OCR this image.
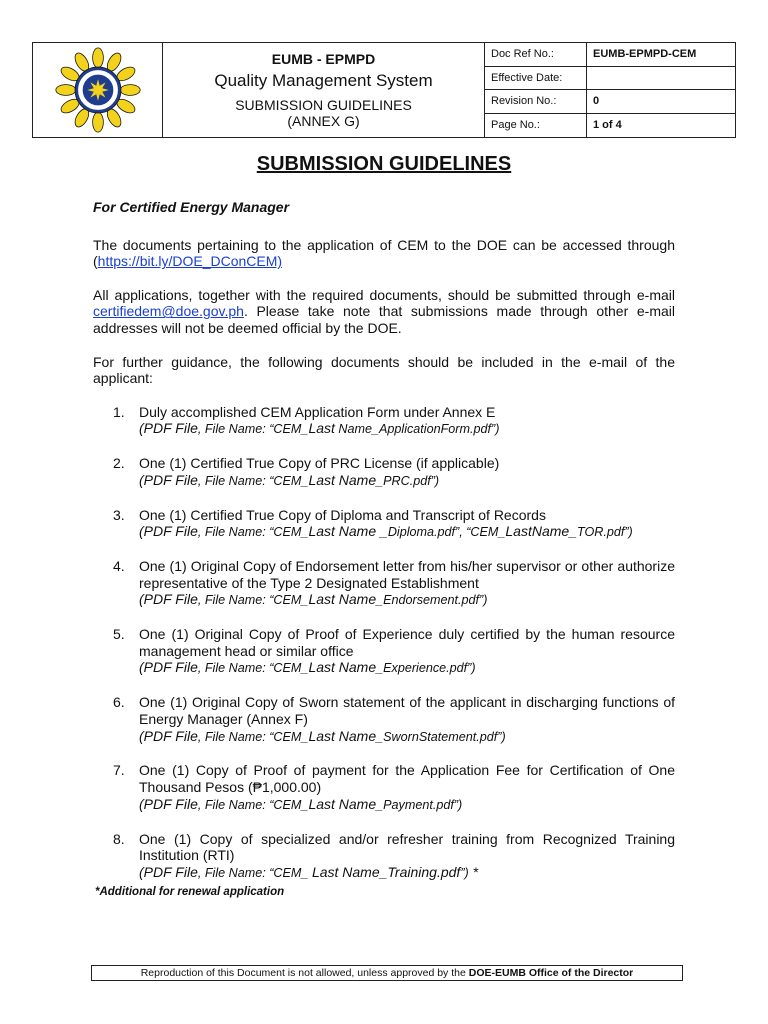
EUMB - EPMPD
Quality Management System
SUBMISSION GUIDELINES
(ANNEX G)
Doc Ref No.:	EUMB-EPMPD-CEM
Effective Date:
Revision No.:	0
Page No.:	1 of 4
SUBMISSION GUIDELINES

For Certified Energy Manager

The documents pertaining to the application of CEM to the DOE can be accessed through (https://bit.ly/DOE_DConCEM)

All applications, together with the required documents, should be submitted through e-mail certifiedem@doe.gov.ph. Please take note that submissions made through other e-mail addresses will not be deemed official by the DOE.

For further guidance, the following documents should be included in the e-mail of the applicant:

1. Duly accomplished CEM Application Form under Annex E
(PDF File, File Name: “CEM_Last Name_ApplicationForm.pdf”)
2. One (1) Certified True Copy of PRC License (if applicable)
(PDF File, File Name: “CEM_Last Name_PRC.pdf”)
3. One (1) Certified True Copy of Diploma and Transcript of Records
(PDF File, File Name: “CEM_Last Name _Diploma.pdf”, “CEM_LastName_TOR.pdf”)
4. One (1) Original Copy of Endorsement letter from his/her supervisor or other authorize representative of the Type 2 Designated Establishment
(PDF File, File Name: “CEM_Last Name_Endorsement.pdf”)
5. One (1) Original Copy of Proof of Experience duly certified by the human resource management head or similar office
(PDF File, File Name: “CEM_Last Name_Experience.pdf”)
6. One (1) Original Copy of Sworn statement of the applicant in discharging functions of Energy Manager (Annex F)
(PDF File, File Name: “CEM_Last Name_SwornStatement.pdf”)
7. One (1) Copy of Proof of payment for the Application Fee for Certification of One Thousand Pesos (₱1,000.00)
(PDF File, File Name: “CEM_Last Name_Payment.pdf”)
8. One (1) Copy of specialized and/or refresher training from Recognized Training Institution (RTI)
(PDF File, File Name: “CEM_ Last Name_Training.pdf”) *
*Additional for renewal application
Reproduction of this Document is not allowed, unless approved by the DOE-EUMB Office of the Director
